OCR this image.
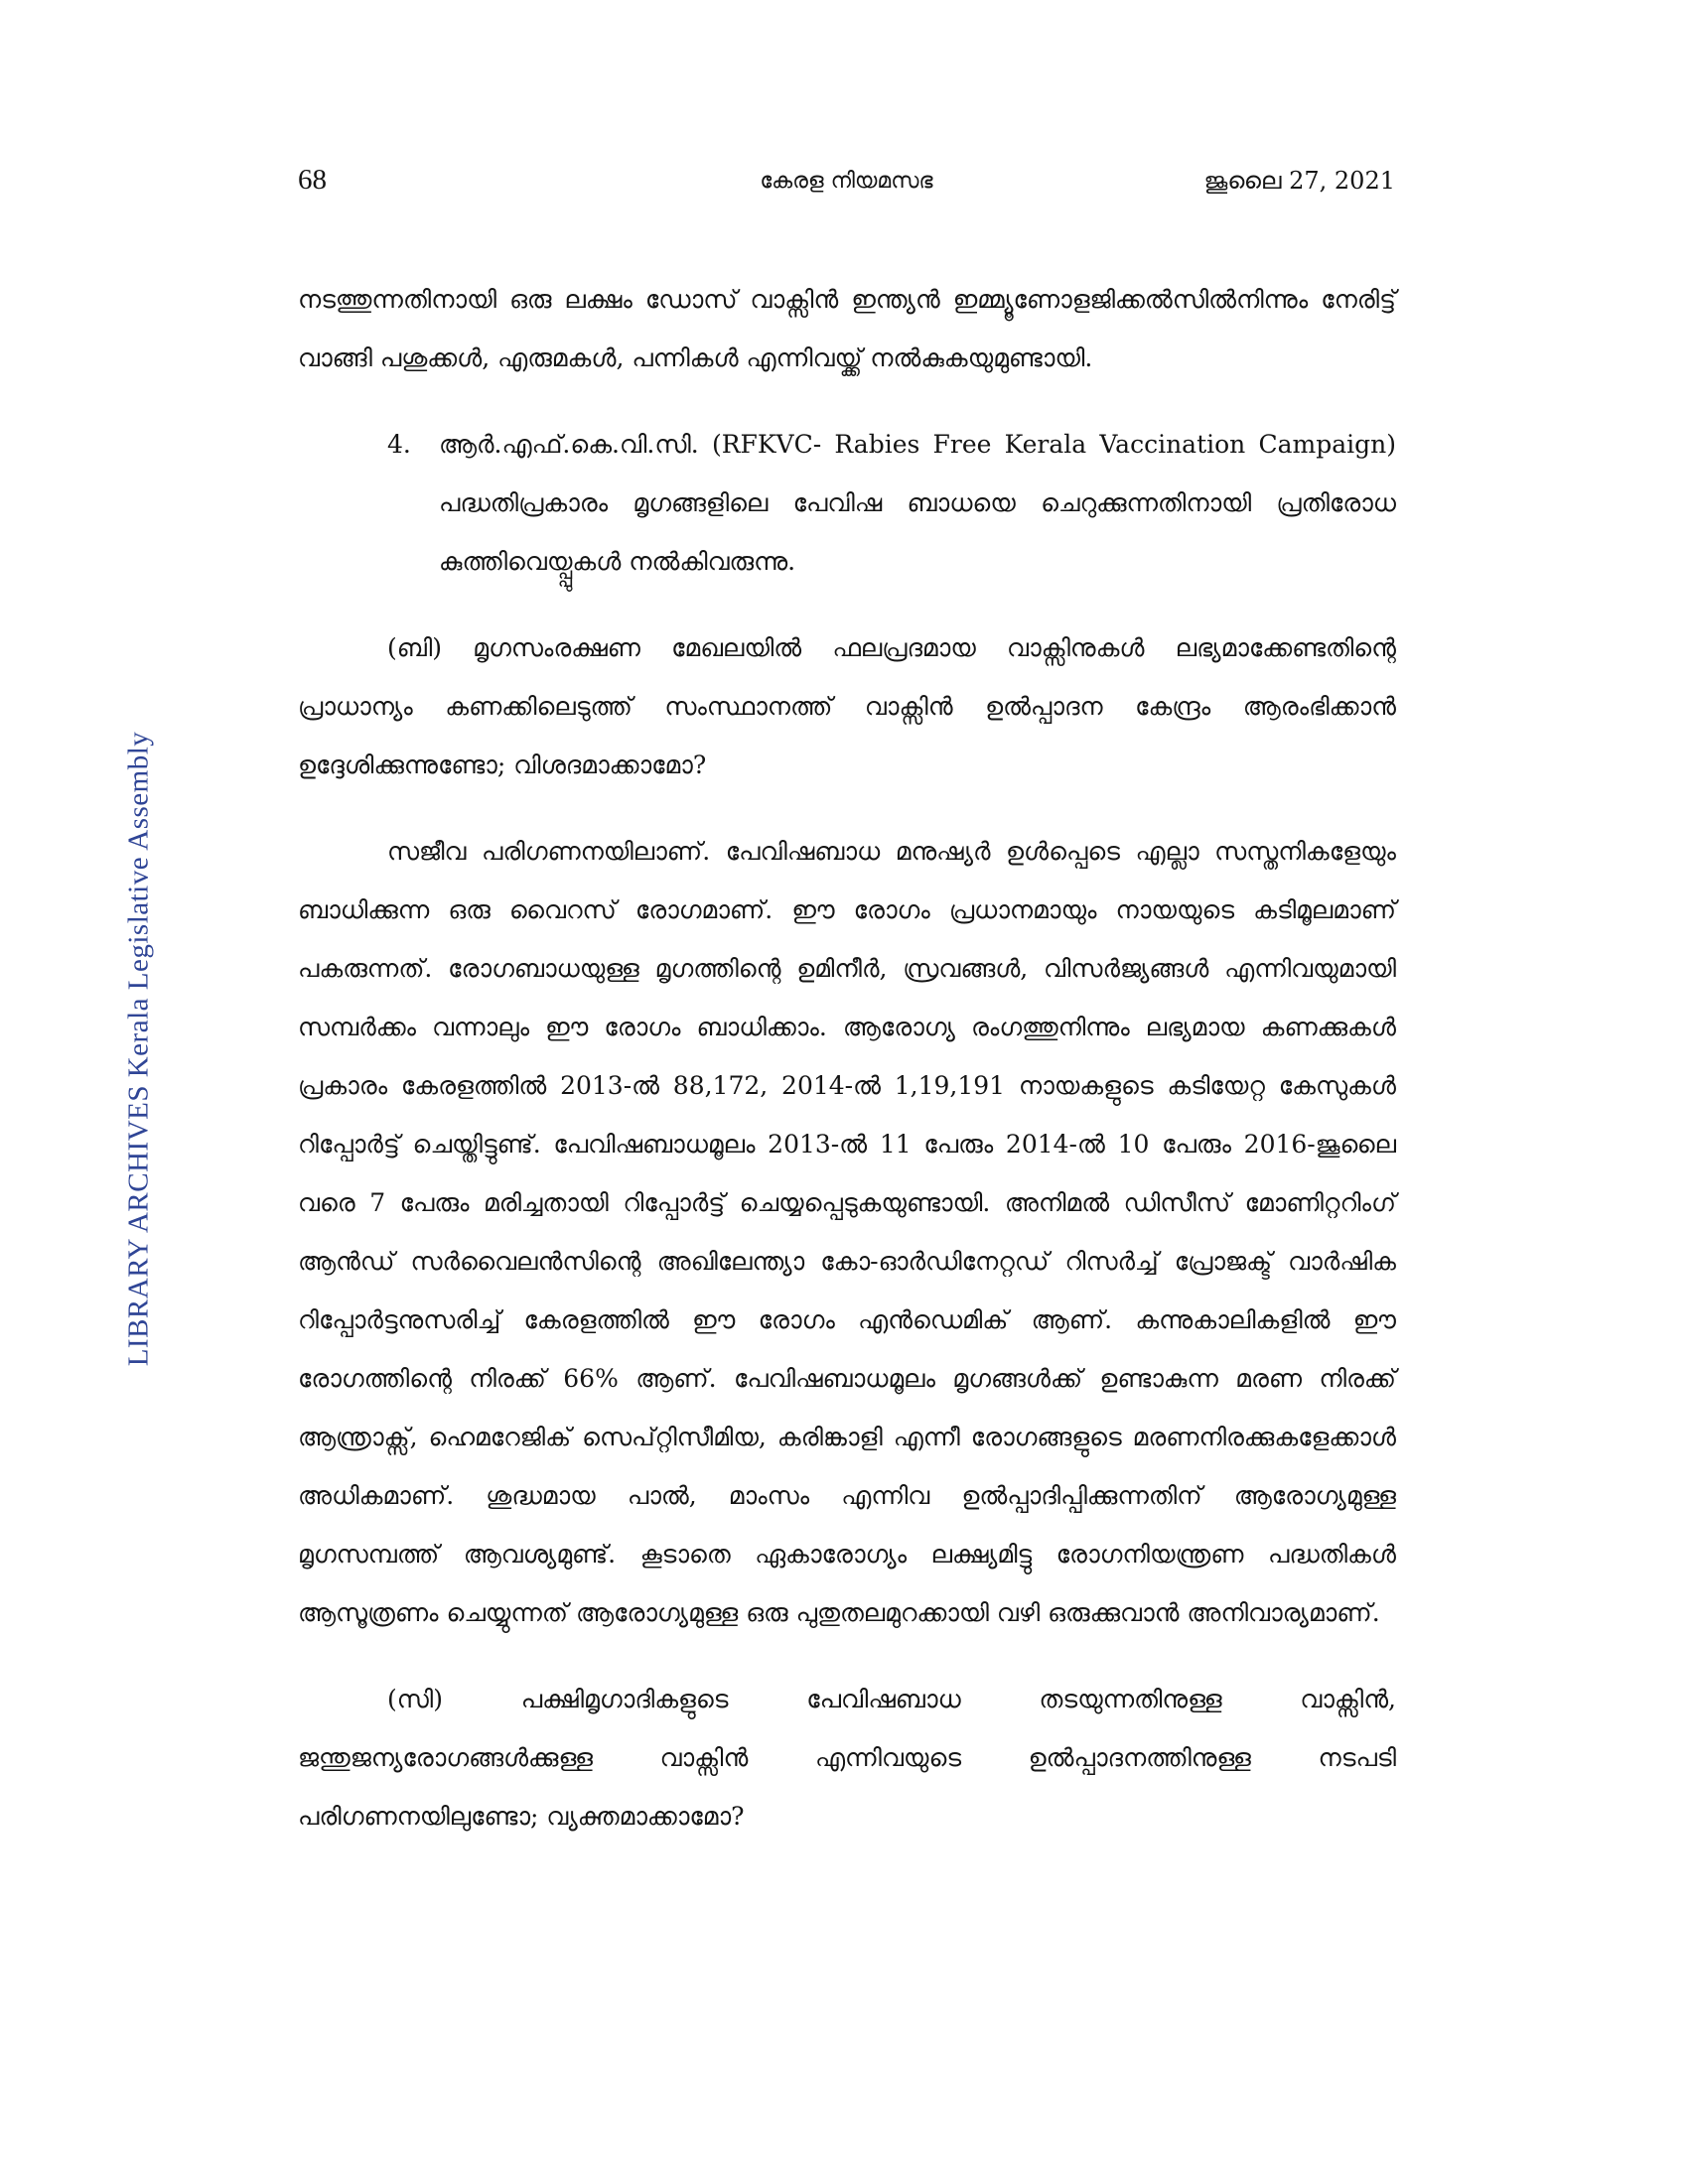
68	കേരള നിയമസഭ	ജൂലൈ 27, 2021
LIBRARY ARCHIVES Kerala Legislative Assembly

നടത്തുന്നതിനായി ഒരു ലക്ഷം ഡോസ് വാക്സിൻ ഇന്ത്യൻ ഇമ്മ്യൂണോളജിക്കൽസിൽനിന്നും നേരിട്ട് വാങ്ങി പശുക്കൾ, എരുമകൾ, പന്നികൾ എന്നിവയ്ക്ക് നൽകുകയുമുണ്ടായി.

4. ആർ.എഫ്.കെ.വി.സി. (RFKVC- Rabies Free Kerala Vaccination Campaign) പദ്ധതിപ്രകാരം മൃഗങ്ങളിലെ പേവിഷ ബാധയെ ചെറുക്കുന്നതിനായി പ്രതിരോധ കുത്തിവെയ്പ്പുകൾ നൽകിവരുന്നു.

(ബി) മൃഗസംരക്ഷണ മേഖലയിൽ ഫലപ്രദമായ വാക്സിനുകൾ ലഭ്യമാക്കേണ്ടതിന്റെ പ്രാധാന്യം കണക്കിലെടുത്ത് സംസ്ഥാനത്ത് വാക്സിൻ ഉൽപ്പാദന കേന്ദ്രം ആരംഭിക്കാൻ ഉദ്ദേശിക്കുന്നുണ്ടോ; വിശദമാക്കാമോ?

സജീവ പരിഗണനയിലാണ്. പേവിഷബാധ മനുഷ്യർ ഉൾപ്പെടെ എല്ലാ സസ്തനികളേയും ബാധിക്കുന്ന ഒരു വൈറസ് രോഗമാണ്. ഈ രോഗം പ്രധാനമായും നായയുടെ കടിമൂലമാണ് പകരുന്നത്. രോഗബാധയുള്ള മൃഗത്തിന്റെ ഉമിനീർ, സ്രവങ്ങൾ, വിസർജ്യങ്ങൾ എന്നിവയുമായി സമ്പർക്കം വന്നാലും ഈ രോഗം ബാധിക്കാം. ആരോഗ്യ രംഗത്തുനിന്നും ലഭ്യമായ കണക്കുകൾ പ്രകാരം കേരളത്തിൽ 2013-ൽ 88,172, 2014-ൽ 1,19,191 നായകളുടെ കടിയേറ്റ കേസുകൾ റിപ്പോർട്ട് ചെയ്തിട്ടുണ്ട്. പേവിഷബാധമൂലം 2013-ൽ 11 പേരും 2014-ൽ 10 പേരും 2016-ജൂലൈ വരെ 7 പേരും മരിച്ചതായി റിപ്പോർട്ട് ചെയ്യപ്പെടുകയുണ്ടായി. അനിമൽ ഡിസീസ് മോണിറ്ററിംഗ് ആൻഡ് സർവൈലൻസിന്റെ അഖിലേന്ത്യാ കോ-ഓർഡിനേറ്റഡ് റിസർച്ച് പ്രോജക്ട് വാർഷിക റിപ്പോർട്ടനുസരിച്ച് കേരളത്തിൽ ഈ രോഗം എൻഡെമിക് ആണ്. കന്നുകാലികളിൽ ഈ രോഗത്തിന്റെ നിരക്ക് 66% ആണ്. പേവിഷബാധമൂലം മൃഗങ്ങൾക്ക് ഉണ്ടാകുന്ന മരണ നിരക്ക് ആന്ത്രാക്സ്, ഹെമറേജിക് സെപ്റ്റിസീമിയ, കരിങ്കാളി എന്നീ രോഗങ്ങളുടെ മരണനിരക്കുകളേക്കാൾ അധികമാണ്. ശുദ്ധമായ പാൽ, മാംസം എന്നിവ ഉൽപ്പാദിപ്പിക്കുന്നതിന് ആരോഗ്യമുള്ള മൃഗസമ്പത്ത് ആവശ്യമുണ്ട്. കൂടാതെ ഏകാരോഗ്യം ലക്ഷ്യമിട്ടു രോഗനിയന്ത്രണ പദ്ധതികൾ ആസൂത്രണം ചെയ്യുന്നത് ആരോഗ്യമുള്ള ഒരു പുതുതലമുറക്കായി വഴി ഒരുക്കുവാൻ അനിവാര്യമാണ്.

(സി) പക്ഷിമൃഗാദികളുടെ പേവിഷബാധ തടയുന്നതിനുള്ള വാക്സിൻ, ജന്തുജന്യരോഗങ്ങൾക്കുള്ള വാക്സിൻ എന്നിവയുടെ ഉൽപ്പാദനത്തിനുള്ള നടപടി പരിഗണനയിലുണ്ടോ; വ്യക്തമാക്കാമോ?
